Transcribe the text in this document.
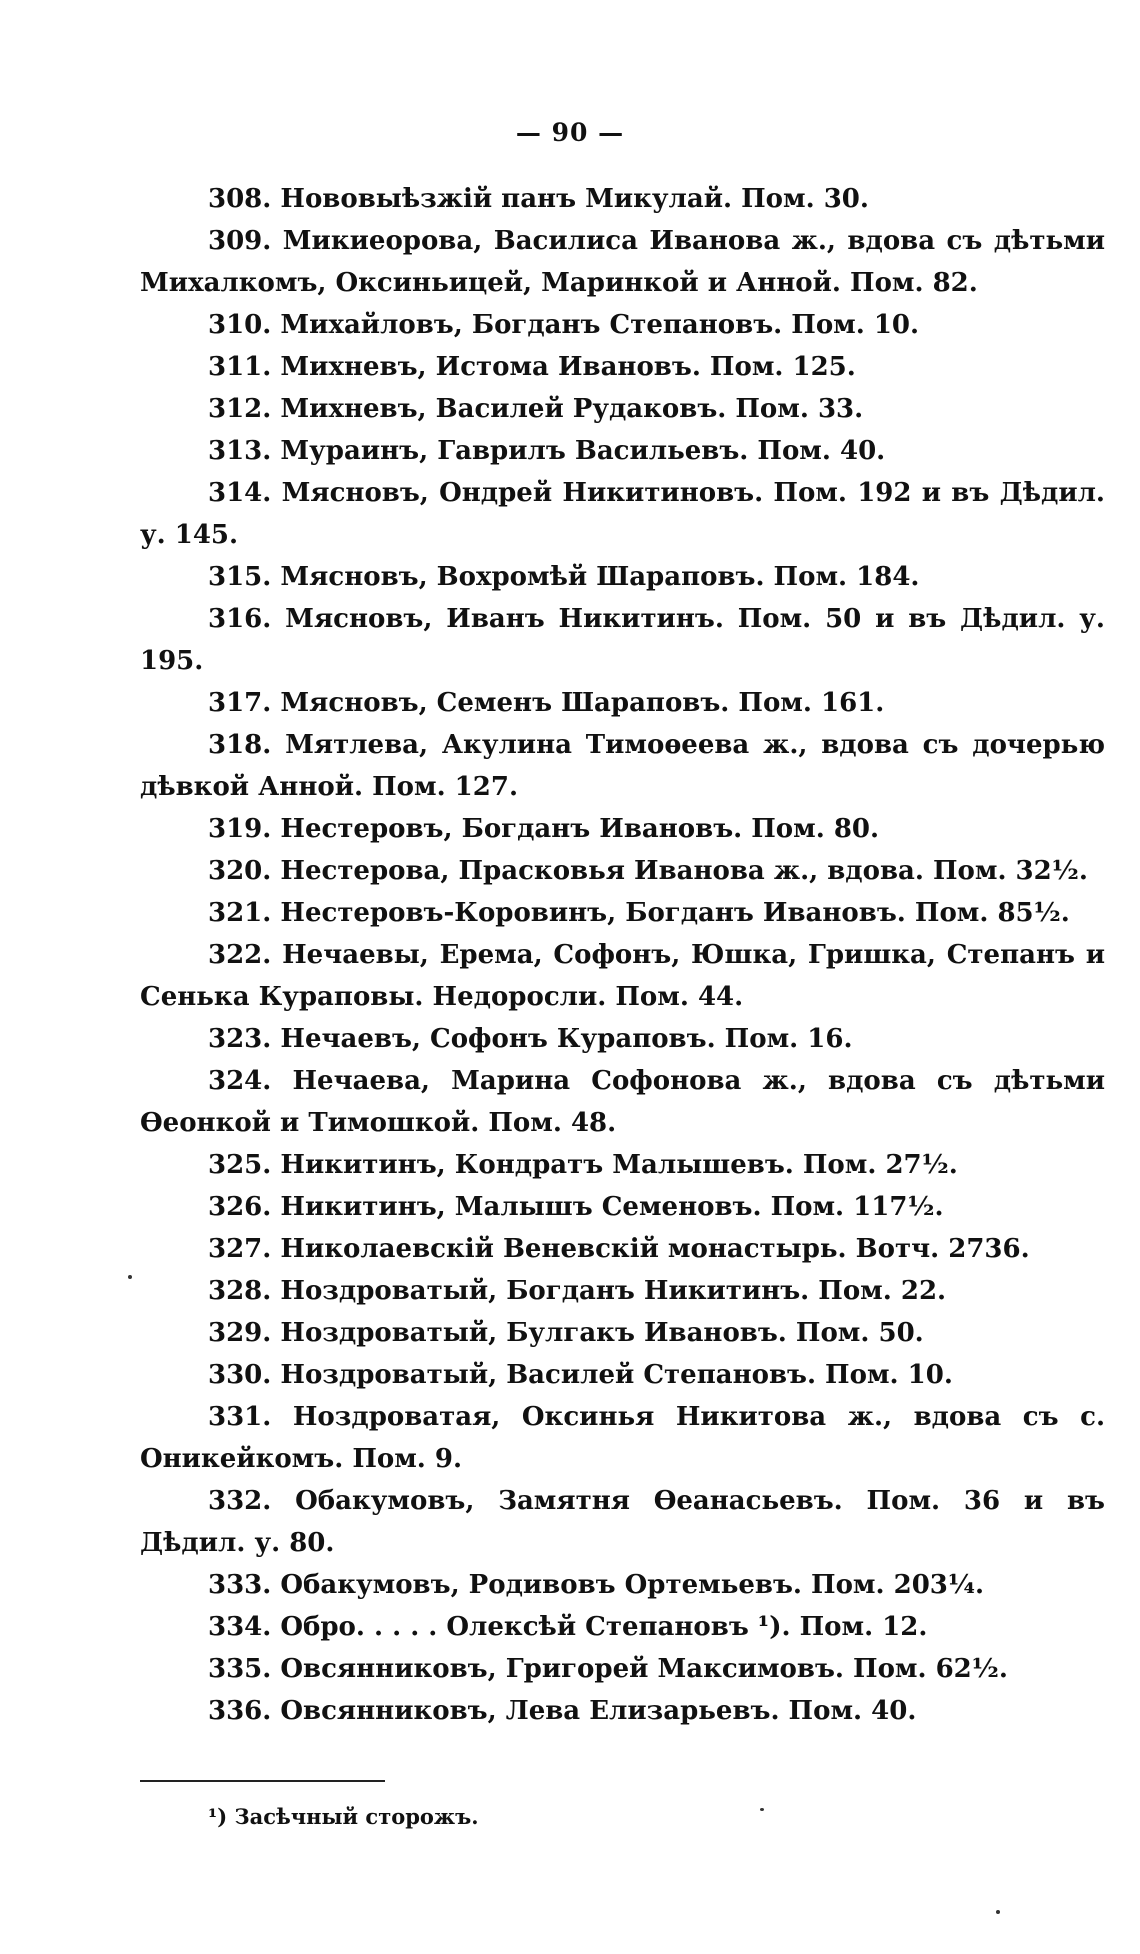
— 90 —

308. Нововыѣзжій панъ Микулай. Пом. 30.

309. Микиеорова, Василиса Иванова ж., вдова съ дѣтьми Михалкомъ, Оксиньицей, Маринкой и Анной. Пом. 82.

310. Михайловъ, Богданъ Степановъ. Пом. 10.

311. Михневъ, Истома Ивановъ. Пом. 125.

312. Михневъ, Василей Рудаковъ. Пом. 33.

313. Мураинъ, Гаврилъ Васильевъ. Пом. 40.

314. Мясновъ, Ондрей Никитиновъ. Пом. 192 и въ Дѣдил. у. 145.

315. Мясновъ, Вохромѣй Шараповъ. Пом. 184.

316. Мясновъ, Иванъ Никитинъ. Пом. 50 и въ Дѣдил. у. 195.

317. Мясновъ, Семенъ Шараповъ. Пом. 161.

318. Мятлева, Акулина Тимоѳеева ж., вдова съ дочерью дѣвкой Анной. Пом. 127.

319. Нестеровъ, Богданъ Ивановъ. Пом. 80.

320. Нестерова, Прасковья Иванова ж., вдова. Пом. 32½.

321. Нестеровъ-Коровинъ, Богданъ Ивановъ. Пом. 85½.

322. Нечаевы, Ерема, Софонъ, Юшка, Гришка, Степанъ и Сенька Кураповы. Недоросли. Пом. 44.

323. Нечаевъ, Софонъ Кураповъ. Пом. 16.

324. Нечаева, Марина Софонова ж., вдова съ дѣтьми Ѳеонкой и Тимошкой. Пом. 48.

325. Никитинъ, Кондратъ Малышевъ. Пом. 27½.

326. Никитинъ, Малышъ Семеновъ. Пом. 117½.

327. Николаевскій Веневскій монастырь. Вотч. 2736.

328. Ноздроватый, Богданъ Никитинъ. Пом. 22.

329. Ноздроватый, Булгакъ Ивановъ. Пом. 50.

330. Ноздроватый, Василей Степановъ. Пом. 10.

331. Ноздроватая, Оксинья Никитова ж., вдова съ с. Оникейкомъ. Пом. 9.

332. Обакумовъ, Замятня Ѳеанасьевъ. Пом. 36 и въ Дѣдил. у. 80.

333. Обакумовъ, Родивовъ Ортемьевъ. Пом. 203¼.

334. Обро. . . . . Олексѣй Степановъ ¹). Пом. 12.

335. Овсянниковъ, Григорей Максимовъ. Пом. 62½.

336. Овсянниковъ, Лева Елизарьевъ. Пом. 40.

¹) Засѣчный сторожъ.
